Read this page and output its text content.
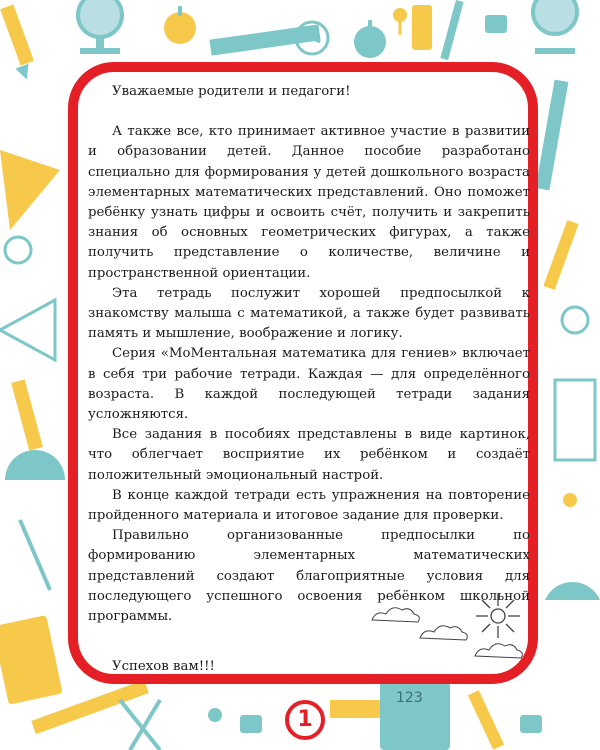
Уважаемые родители и педагоги!

А также все, кто принимает активное участие в развитии и образовании детей. Данное пособие разработано специально для формирования у детей дошкольного возраста элементарных математических представлений. Оно поможет ребёнку узнать цифры и освоить счёт, получить и закрепить знания об основных геометрических фигурах, а также получить представление о количестве, величине и пространственной ориентации.

Эта тетрадь послужит хорошей предпосылкой к знакомству малыша с математикой, а также будет развивать память и мышление, воображение и логику.

Серия «МоМентальная математика для гениев» включает в себя три рабочие тетради. Каждая — для определённого возраста. В каждой последующей тетради задания усложняются.

Все задания в пособиях представлены в виде картинок, что облегчает восприятие их ребёнком и создаёт положительный эмоциональный настрой.

В конце каждой тетради есть упражнения на повторение пройденного материала и итоговое задание для проверки.

Правильно организованные предпосылки по формированию элементарных математических представлений создают благоприятные условия для последующего успешного освоения ребёнком школьной программы.

Успехов вам!!!

123
1
